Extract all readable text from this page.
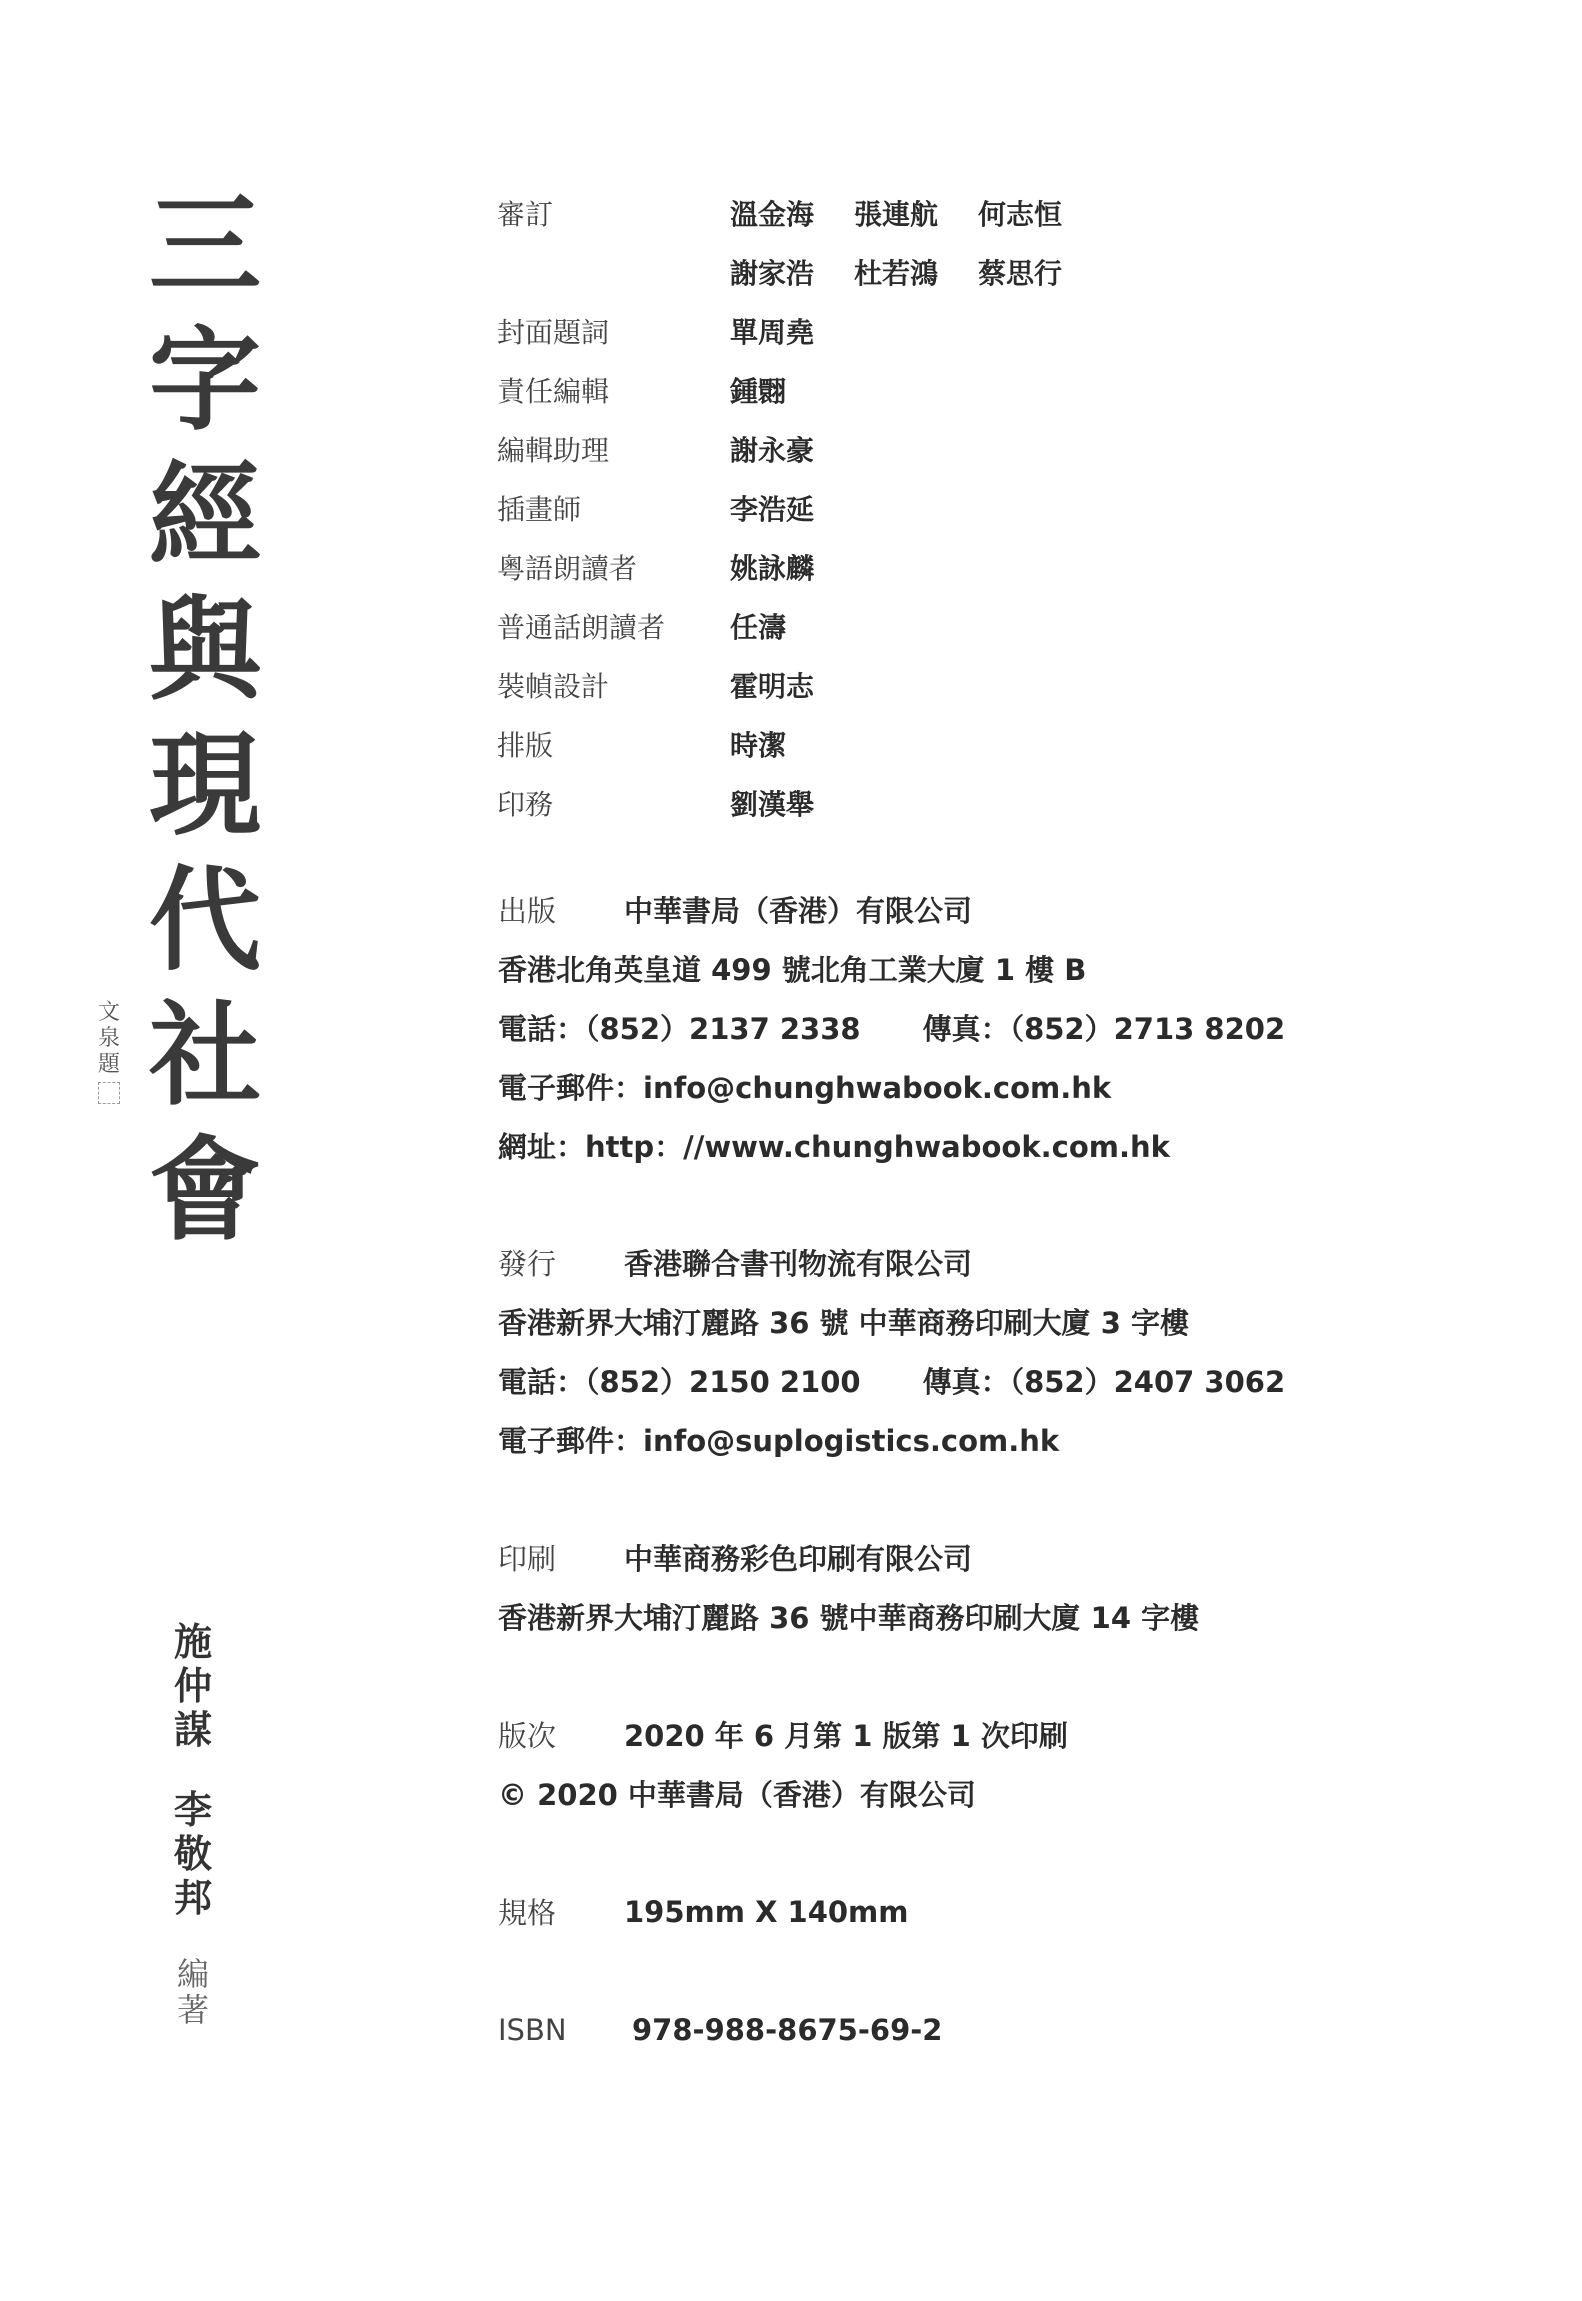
三
字
經
與
現
代
社
會
文
泉
題
施
仲
謀
李
敬
邦
編
著
審訂	溫金海	張連航	何志恒
謝家浩	杜若鴻	蔡思行
封面題詞	單周堯
責任編輯	鍾翾
編輯助理	謝永豪
插畫師	李浩延
粵語朗讀者	姚詠麟
普通話朗讀者	任濤
裝幀設計	霍明志
排版	時潔
印務	劉漢舉
出版	中華書局（香港）有限公司
香港北角英皇道 499 號北角工業大廈 1 樓 B
電話：（852）2137 2338 傳真：（852）2713 8202
電子郵件：info@chunghwabook.com.hk
網址：http：//www.chunghwabook.com.hk
發行	香港聯合書刊物流有限公司
香港新界大埔汀麗路 36 號 中華商務印刷大廈 3 字樓
電話：（852）2150 2100 傳真：（852）2407 3062
電子郵件：info@suplogistics.com.hk
印刷	中華商務彩色印刷有限公司
香港新界大埔汀麗路 36 號中華商務印刷大廈 14 字樓
版次	2020 年 6 月第 1 版第 1 次印刷
© 2020 中華書局（香港）有限公司
規格	195mm X 140mm
ISBN	978-988-8675-69-2
